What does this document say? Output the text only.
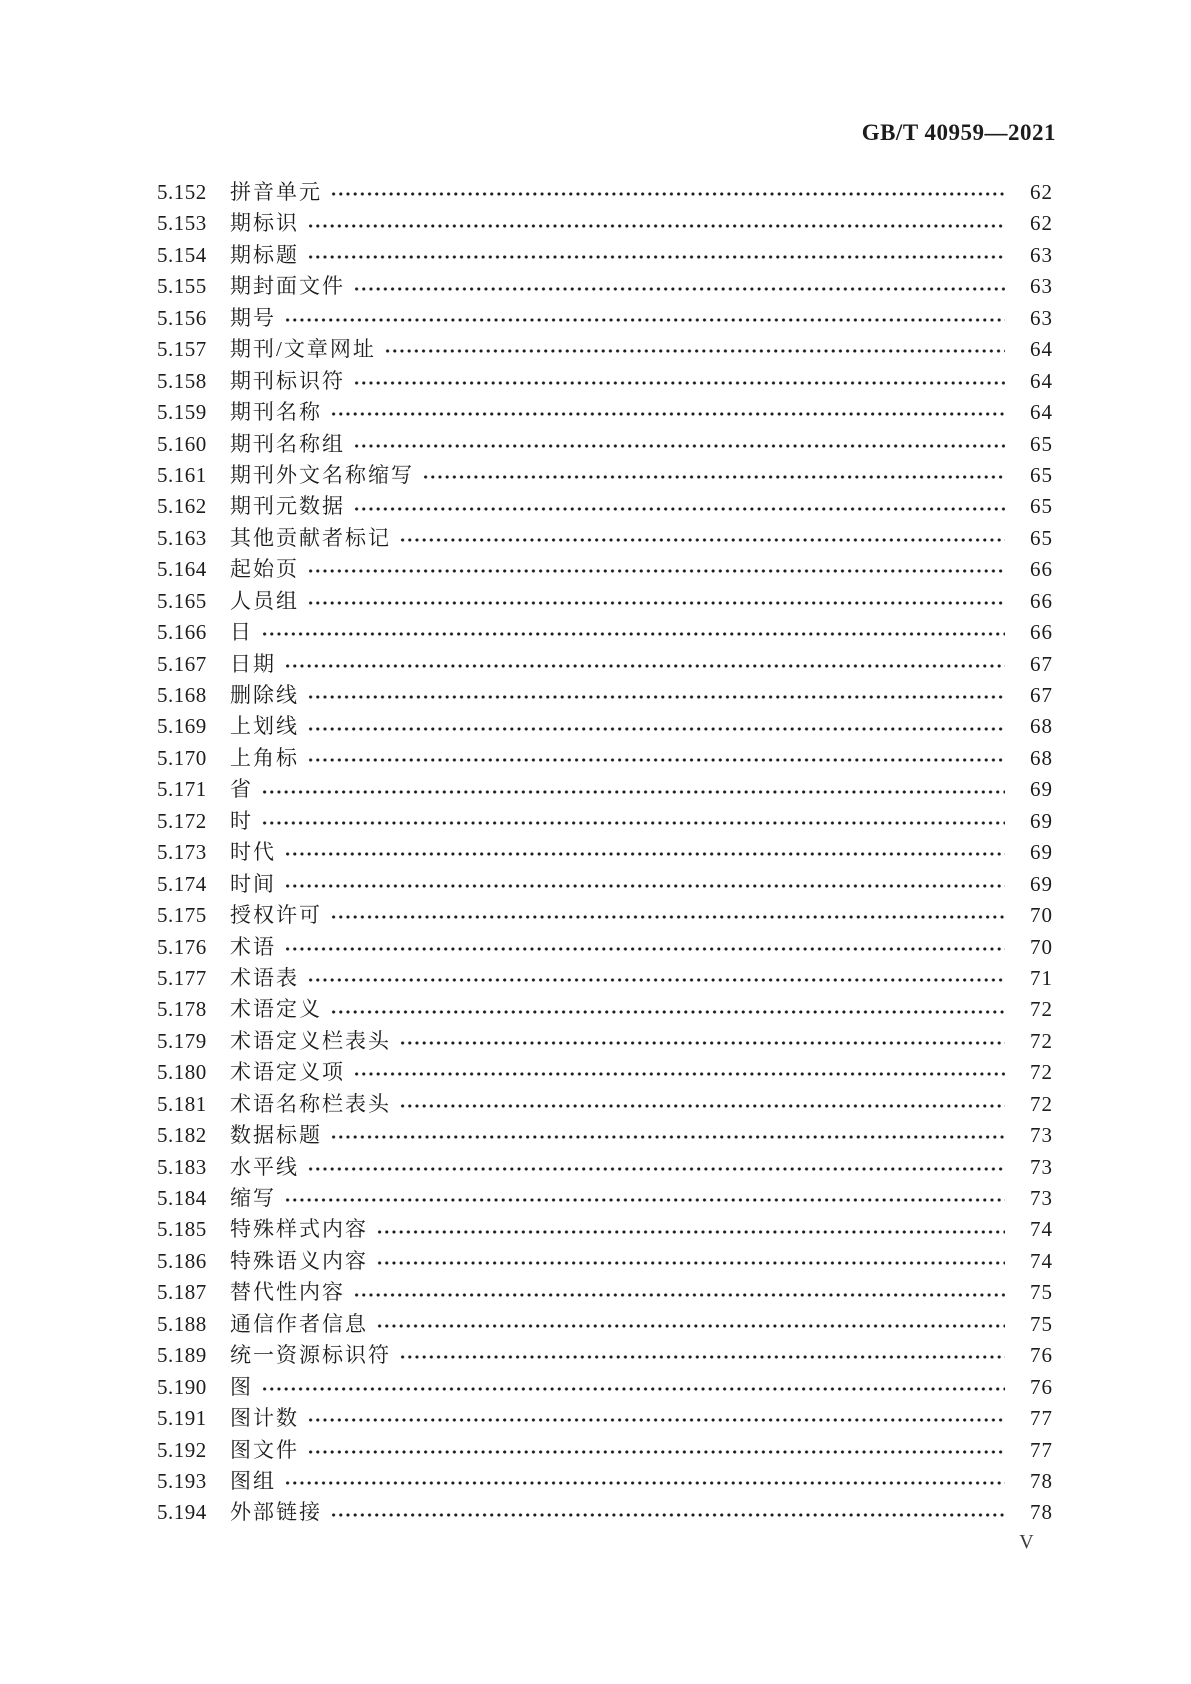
GB/T 40959—2021
5.152	拼音单元	62
5.153	期标识	62
5.154	期标题	63
5.155	期封面文件	63
5.156	期号	63
5.157	期刊/文章网址	64
5.158	期刊标识符	64
5.159	期刊名称	64
5.160	期刊名称组	65
5.161	期刊外文名称缩写	65
5.162	期刊元数据	65
5.163	其他贡献者标记	65
5.164	起始页	66
5.165	人员组	66
5.166	日	66
5.167	日期	67
5.168	删除线	67
5.169	上划线	68
5.170	上角标	68
5.171	省	69
5.172	时	69
5.173	时代	69
5.174	时间	69
5.175	授权许可	70
5.176	术语	70
5.177	术语表	71
5.178	术语定义	72
5.179	术语定义栏表头	72
5.180	术语定义项	72
5.181	术语名称栏表头	72
5.182	数据标题	73
5.183	水平线	73
5.184	缩写	73
5.185	特殊样式内容	74
5.186	特殊语义内容	74
5.187	替代性内容	75
5.188	通信作者信息	75
5.189	统一资源标识符	76
5.190	图	76
5.191	图计数	77
5.192	图文件	77
5.193	图组	78
5.194	外部链接	78
V
